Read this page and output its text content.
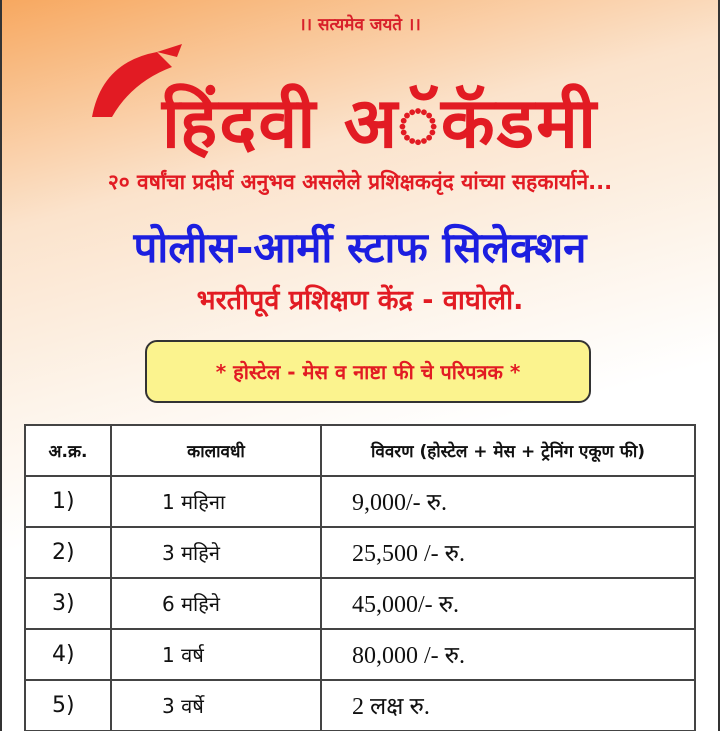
।। सत्यमेव जयते ।।
हिंदवी अॅकॅडमी
२० वर्षांचा प्रदीर्घ अनुभव असलेले प्रशिक्षकवृंद यांच्या सहकार्याने...
पोलीस-आर्मी स्टाफ सिलेक्शन
भरतीपूर्व प्रशिक्षण केंद्र - वाघोली.
* होस्टेल - मेस व नाष्टा फी चे परिपत्रक *
अ.क्र.	कालावधी	विवरण (होस्टेल + मेस + ट्रेनिंग एकूण फी)
1)	1 महिना	9,000/- रु.
2)	3 महिने	25,500 /- रु.
3)	6 महिने	45,000/- रु.
4)	1 वर्ष	80,000 /- रु.
5)	3 वर्षे	2 लक्ष रु.
